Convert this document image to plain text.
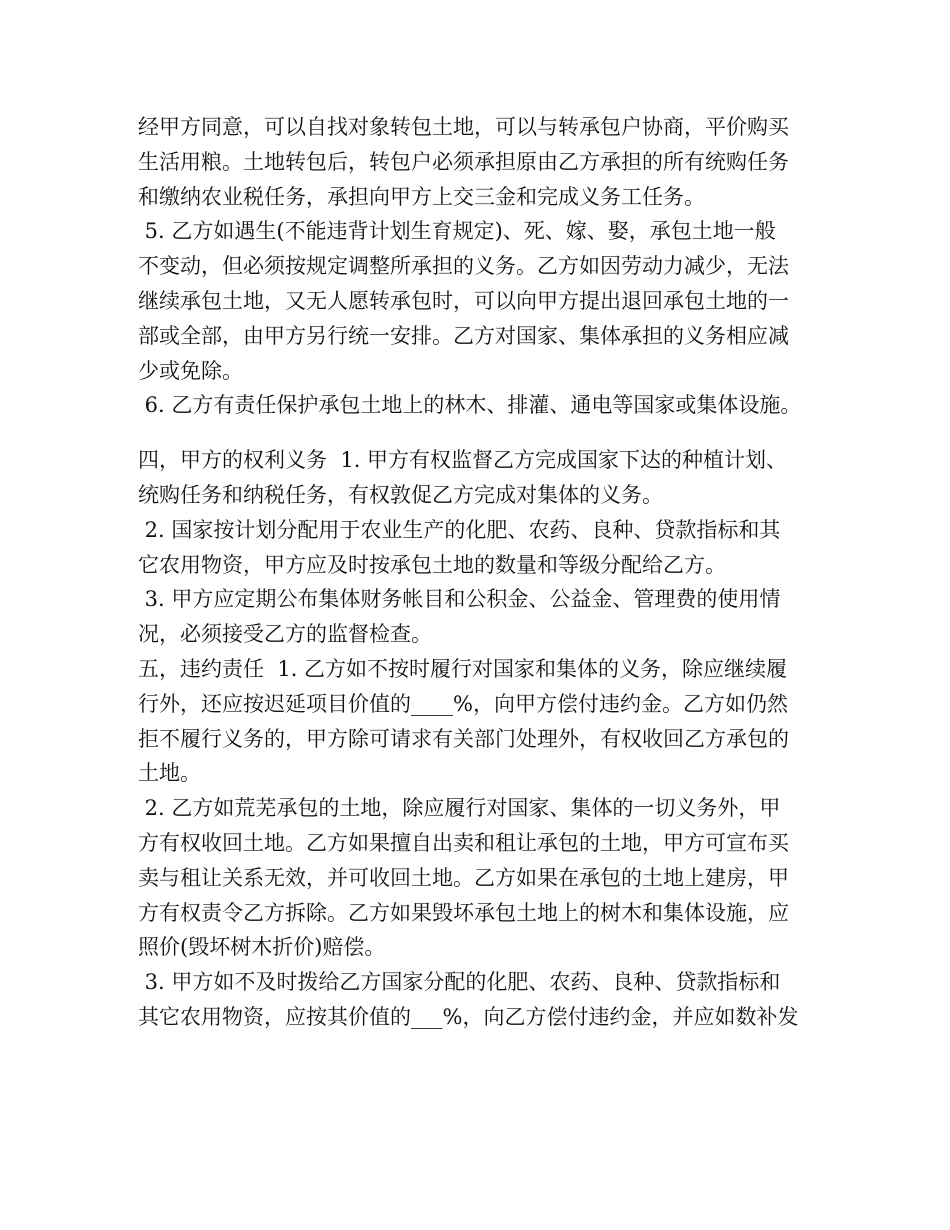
经甲方同意，可以自找对象转包土地，可以与转承包户协商，平价购买
生活用粮。土地转包后，转包户必须承担原由乙方承担的所有统购任务
和缴纳农业税任务，承担向甲方上交三金和完成义务工任务。
5. 乙方如遇生(不能违背计划生育规定)、死、嫁、娶，承包土地一般
不变动，但必须按规定调整所承担的义务。乙方如因劳动力减少，无法
继续承包土地，又无人愿转承包时，可以向甲方提出退回承包土地的一
部或全部，由甲方另行统一安排。乙方对国家、集体承担的义务相应减
少或免除。
6. 乙方有责任保护承包土地上的林木、排灌、通电等国家或集体设施。
四，甲方的权利义务  1. 甲方有权监督乙方完成国家下达的种植计划、
统购任务和纳税任务，有权敦促乙方完成对集体的义务。
2. 国家按计划分配用于农业生产的化肥、农药、良种、贷款指标和其
它农用物资，甲方应及时按承包土地的数量和等级分配给乙方。
3. 甲方应定期公布集体财务帐目和公积金、公益金、管理费的使用情
况，必须接受乙方的监督检查。
五，违约责任  1. 乙方如不按时履行对国家和集体的义务，除应继续履
行外，还应按迟延项目价值的____%，向甲方偿付违约金。乙方如仍然
拒不履行义务的，甲方除可请求有关部门处理外，有权收回乙方承包的
土地。
2. 乙方如荒芜承包的土地，除应履行对国家、集体的一切义务外，甲
方有权收回土地。乙方如果擅自出卖和租让承包的土地，甲方可宣布买
卖与租让关系无效，并可收回土地。乙方如果在承包的土地上建房，甲
方有权责令乙方拆除。乙方如果毁坏承包土地上的树木和集体设施，应
照价(毁坏树木折价)赔偿。
3. 甲方如不及时拨给乙方国家分配的化肥、农药、良种、贷款指标和
其它农用物资，应按其价值的___%，向乙方偿付违约金，并应如数补发
